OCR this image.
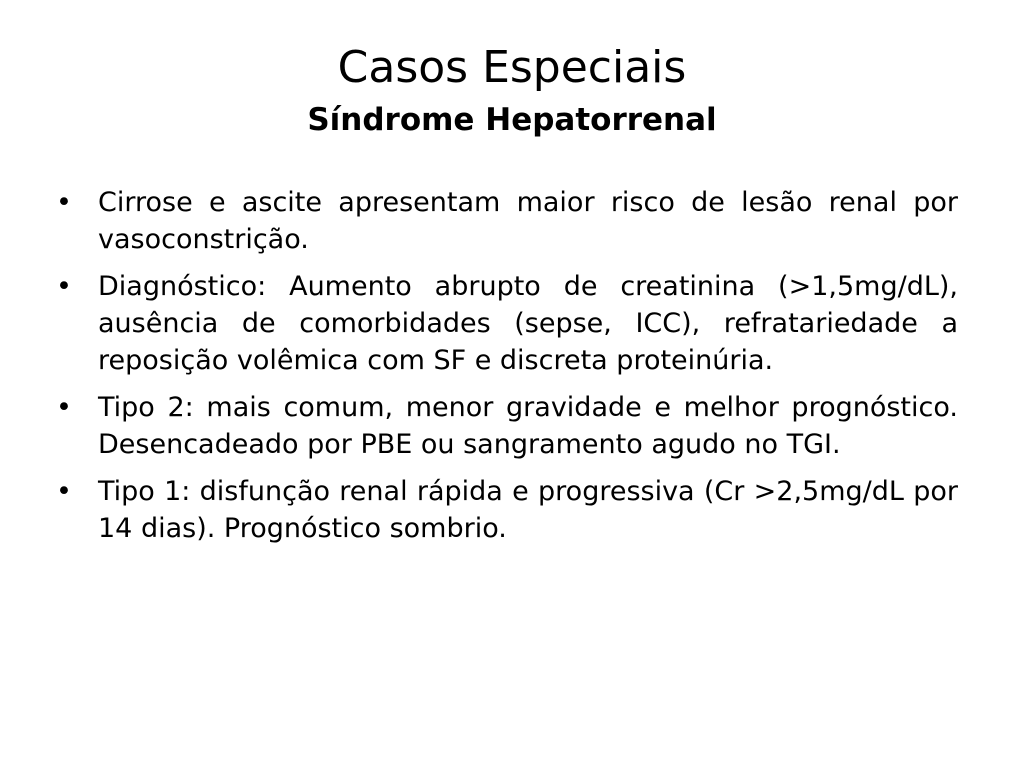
Casos Especiais
Síndrome Hepatorrenal
• Cirrose e ascite apresentam maior risco de lesão renal por vasoconstrição.
• Diagnóstico: Aumento abrupto de creatinina (>1,5mg/dL), ausência de comorbidades (sepse, ICC), refratariedade a reposição volêmica com SF e discreta proteinúria.
• Tipo 2: mais comum, menor gravidade e melhor prognóstico. Desencadeado por PBE ou sangramento agudo no TGI.
• Tipo 1: disfunção renal rápida e progressiva (Cr >2,5mg/dL por 14 dias). Prognóstico sombrio.
